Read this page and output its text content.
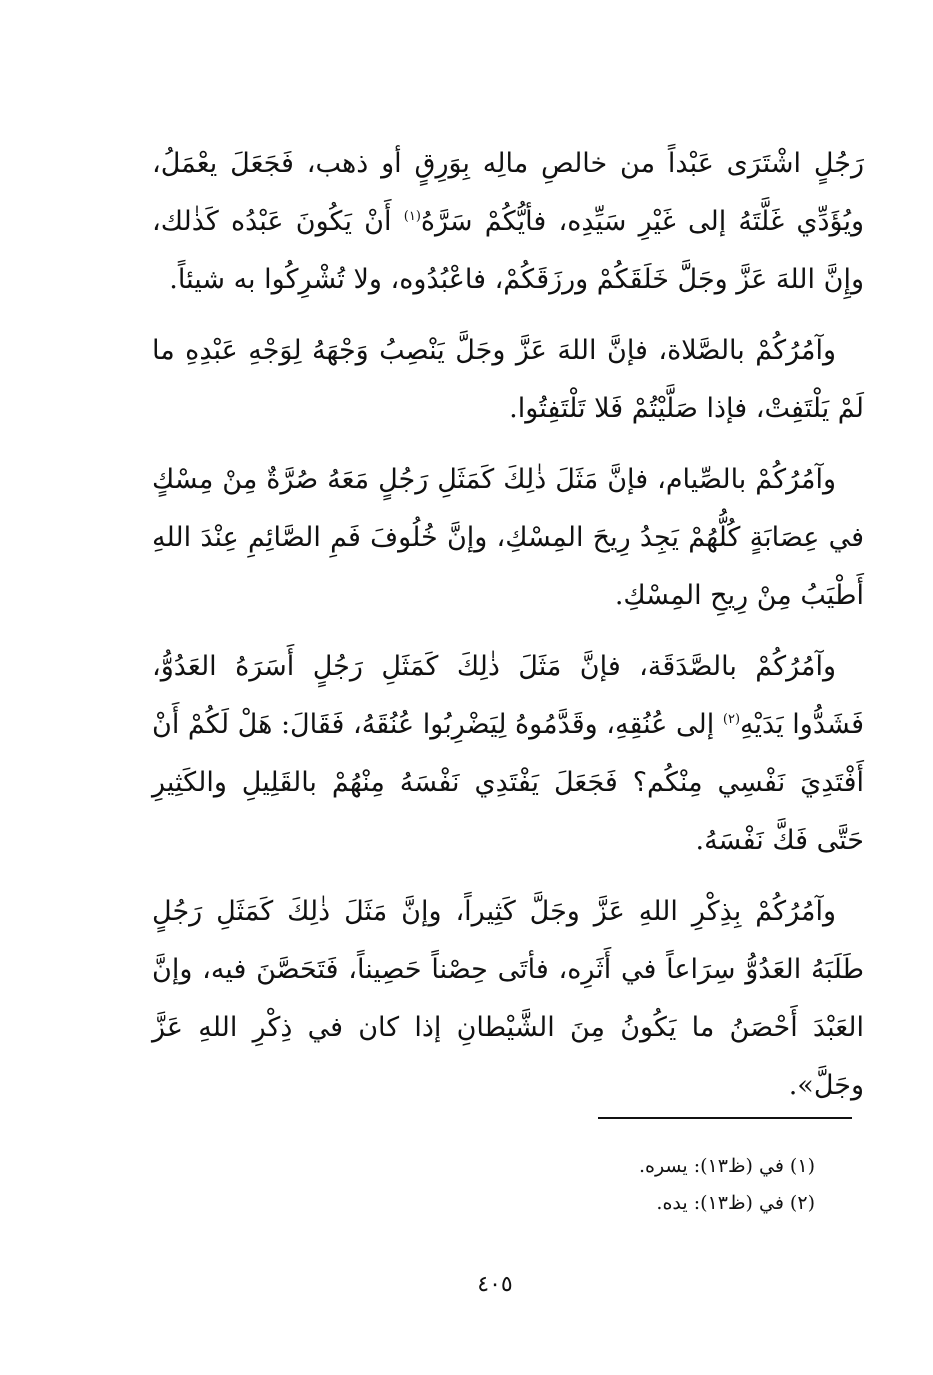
رَجُلٍ اشْتَرَى عَبْداً من خالصِ مالِه بِوَرِقٍ أو ذهب، فَجَعَلَ يعْمَلُ، ويُؤَدِّي غَلَّتَهُ إلى غَيْرِ سَيِّدِه، فأيُّكُمْ سَرَّهُ$^{(١)}$ أَنْ يَكُونَ عَبْدُه كَذٰلك، وإِنَّ اللهَ عَزَّ وجَلَّ خَلَقَكُمْ ورزَقَكُمْ، فاعْبُدُوه، ولا تُشْرِكُوا به شيئاً.

وآمُرُكُمْ بالصَّلاة، فإنَّ اللهَ عَزَّ وجَلَّ يَنْصِبُ وَجْهَهُ لِوَجْهِ عَبْدِهِ ما لَمْ يَلْتَفِتْ، فإذا صَلَّيْتُمْ فَلا تَلْتَفِتُوا.

وآمُرُكُمْ بالصِّيام، فإنَّ مَثَلَ ذٰلِكَ كَمَثَلِ رَجُلٍ مَعَهُ صُرَّةٌ مِنْ مِسْكٍ في عِصَابَةٍ كُلُّهُمْ يَجِدُ رِيحَ المِسْكِ، وإنَّ خُلُوفَ فَمِ الصَّائِمِ عِنْدَ اللهِ أَطْيَبُ مِنْ رِيحِ المِسْكِ.

وآمُرُكُمْ بالصَّدَقَة، فإنَّ مَثَلَ ذٰلِكَ كَمَثَلِ رَجُلٍ أَسَرَهُ العَدُوُّ، فَشَدُّوا يَدَيْهِ$^{(٢)}$ إلى عُنُقِهِ، وقَدَّمُوهُ لِيَضْرِبُوا عُنُقَهُ، فَقَالَ: هَلْ لَكُمْ أَنْ أَفْتَدِيَ نَفْسِي مِنْكُم؟ فَجَعَلَ يَفْتَدِي نَفْسَهُ مِنْهُمْ بالقَلِيلِ والكَثِيرِ حَتَّى فَكَّ نَفْسَهُ.

وآمُرُكُمْ بِذِكْرِ اللهِ عَزَّ وجَلَّ كَثِيراً، وإنَّ مَثَلَ ذٰلِكَ كَمَثَلِ رَجُلٍ طَلَبَهُ العَدُوُّ سِرَاعاً في أَثَرِه، فأتَى حِصْناً حَصِيناً، فَتَحَصَّنَ فيه، وإنَّ العَبْدَ أَحْصَنُ ما يَكُونُ مِنَ الشَّيْطانِ إذا كان في ذِكْرِ اللهِ عَزَّ وجَلَّ».

(١) في (ظ١٣): يسره.

(٢) في (ظ١٣): يده.

٤٠٥
